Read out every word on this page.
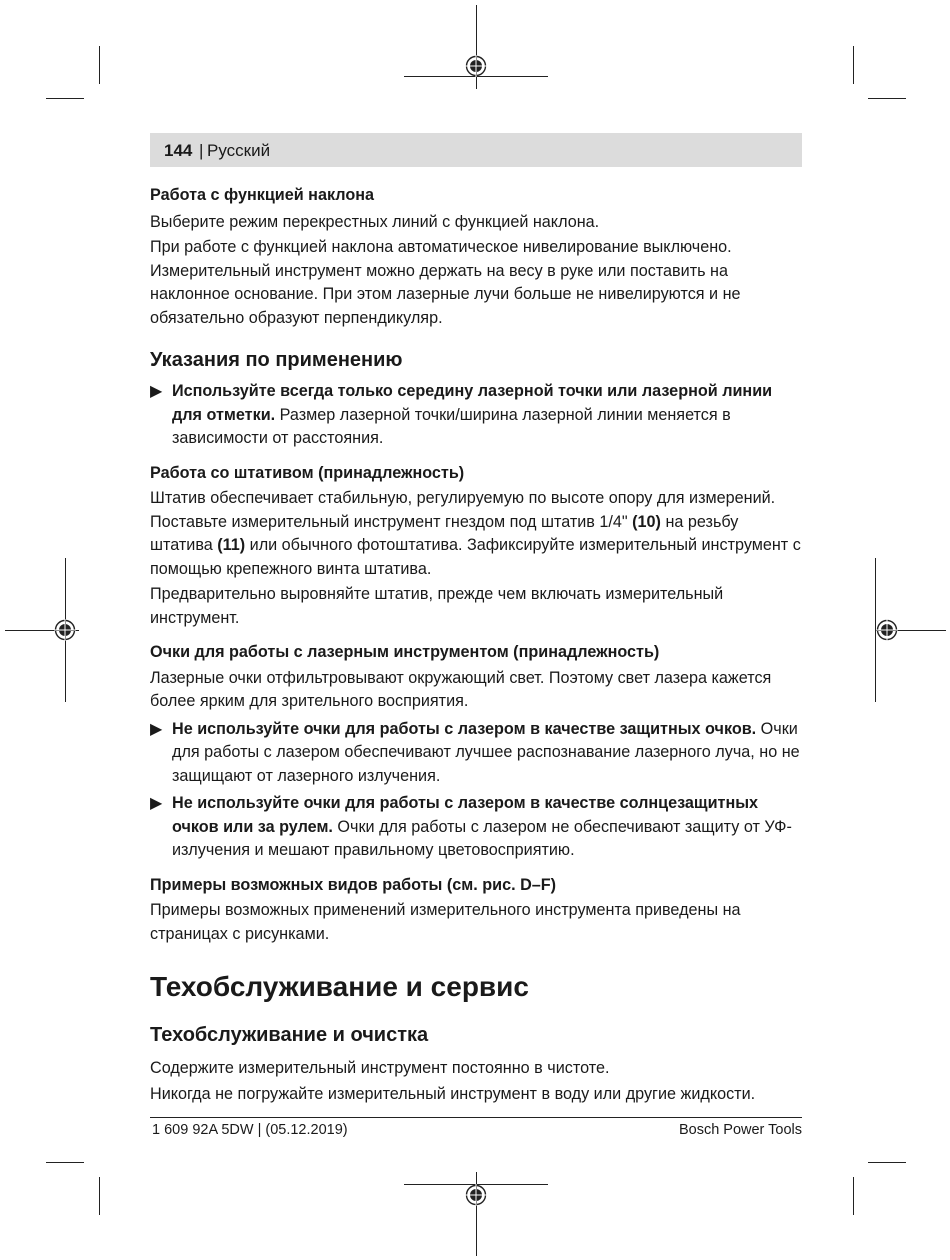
144 | Русский

Работа с функцией наклона

Выберите режим перекрестных линий с функцией наклона.

При работе с функцией наклона автоматическое нивелирование выключено. Измерительный инструмент можно держать на весу в руке или поставить на наклонное основание. При этом лазерные лучи больше не нивелируются и не обязательно образуют перпендикуляр.

Указания по применению

▶ Используйте всегда только середину лазерной точки или лазерной линии для отметки. Размер лазерной точки/ширина лазерной линии меняется в зависимости от расстояния.

Работа со штативом (принадлежность)

Штатив обеспечивает стабильную, регулируемую по высоте опору для измерений. Поставьте измерительный инструмент гнездом под штатив 1/4" (10) на резьбу штатива (11) или обычного фотоштатива. Зафиксируйте измерительный инструмент с помощью крепежного винта штатива.

Предварительно выровняйте штатив, прежде чем включать измерительный инструмент.

Очки для работы с лазерным инструментом (принадлежность)

Лазерные очки отфильтровывают окружающий свет. Поэтому свет лазера кажется более ярким для зрительного восприятия.

▶ Не используйте очки для работы с лазером в качестве защитных очков. Очки для работы с лазером обеспечивают лучшее распознавание лазерного луча, но не защищают от лазерного излучения.

▶ Не используйте очки для работы с лазером в качестве солнцезащитных очков или за рулем. Очки для работы с лазером не обеспечивают защиту от УФ-излучения и мешают правильному цветовосприятию.

Примеры возможных видов работы (см. рис. D–F)

Примеры возможных применений измерительного инструмента приведены на страницах с рисунками.

Техобслуживание и сервис

Техобслуживание и очистка

Содержите измерительный инструмент постоянно в чистоте.

Никогда не погружайте измерительный инструмент в воду или другие жидкости.

1 609 92A 5DW | (05.12.2019)	Bosch Power Tools
